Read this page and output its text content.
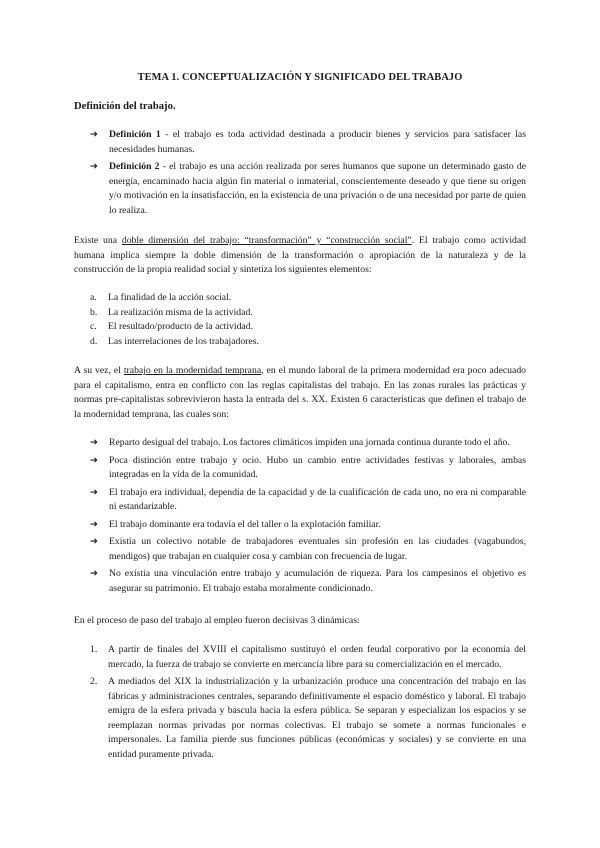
TEMA 1. CONCEPTUALIZACIÓN Y SIGNIFICADO DEL TRABAJO
Definición del trabajo.
➔ Definición 1 - el trabajo es toda actividad destinada a producir bienes y servicios para satisfacer las necesidades humanas.
➔ Definición 2 - el trabajo es una acción realizada por seres humanos que supone un determinado gasto de energía, encaminado hacia algún fin material o inmaterial, conscientemente deseado y que tiene su origen y/o motivación en la insatisfacción, en la existencia de una privación o de una necesidad por parte de quien lo realiza.

Existe una doble dimensión del trabajo: “transformación” y “construcción social”. El trabajo como actividad humana implica siempre la doble dimensión de la transformación o apropiación de la naturaleza y de la construcción de la propia realidad social y sintetiza los siguientes elementos:

a. La finalidad de la acción social.
b. La realización misma de la actividad.
c. El resultado/producto de la actividad.
d. Las interrelaciones de los trabajadores.

A su vez, el trabajo en la modernidad temprana, en el mundo laboral de la primera modernidad era poco adecuado para el capitalismo, entra en conflicto con las reglas capitalistas del trabajo. En las zonas rurales las prácticas y normas pre-capitalistas sobrevivieron hasta la entrada del s. XX. Existen 6 características que definen el trabajo de la modernidad temprana, las cuales son:

➔ Reparto desigual del trabajo. Los factores climáticos impiden una jornada continua durante todo el año.
➔ Poca distinción entre trabajo y ocio. Hubo un cambio entre actividades festivas y laborales, ambas integradas en la vida de la comunidad.
➔ El trabajo era individual, dependía de la capacidad y de la cualificación de cada uno, no era ni comparable ni estandarizable.
➔ El trabajo dominante era todavía el del taller o la explotación familiar.
➔ Existía un colectivo notable de trabajadores eventuales sin profesión en las ciudades (vagabundos, mendigos) que trabajan en cualquier cosa y cambian con frecuencia de lugar.
➔ No existía una vinculación entre trabajo y acumulación de riqueza. Para los campesinos el objetivo es asegurar su patrimonio. El trabajo estaba moralmente condicionado.

En el proceso de paso del trabajo al empleo fueron decisivas 3 dinámicas:

1. A partir de finales del XVIII el capitalismo sustituyó el orden feudal corporativo por la economía del mercado, la fuerza de trabajo se convierte en mercancía libre para su comercialización en el mercado.
2. A mediados del XIX la industrialización y la urbanización produce una concentración del trabajo en las fábricas y administraciones centrales, separando definitivamente el espacio doméstico y laboral. El trabajo emigra de la esfera privada y bascula hacia la esfera pública. Se separan y especializan los espacios y se reemplazan normas privadas por normas colectivas. El trabajo se somete a normas funcionales e impersonales. La familia pierde sus funciones públicas (económicas y sociales) y se convierte en una entidad puramente privada.
